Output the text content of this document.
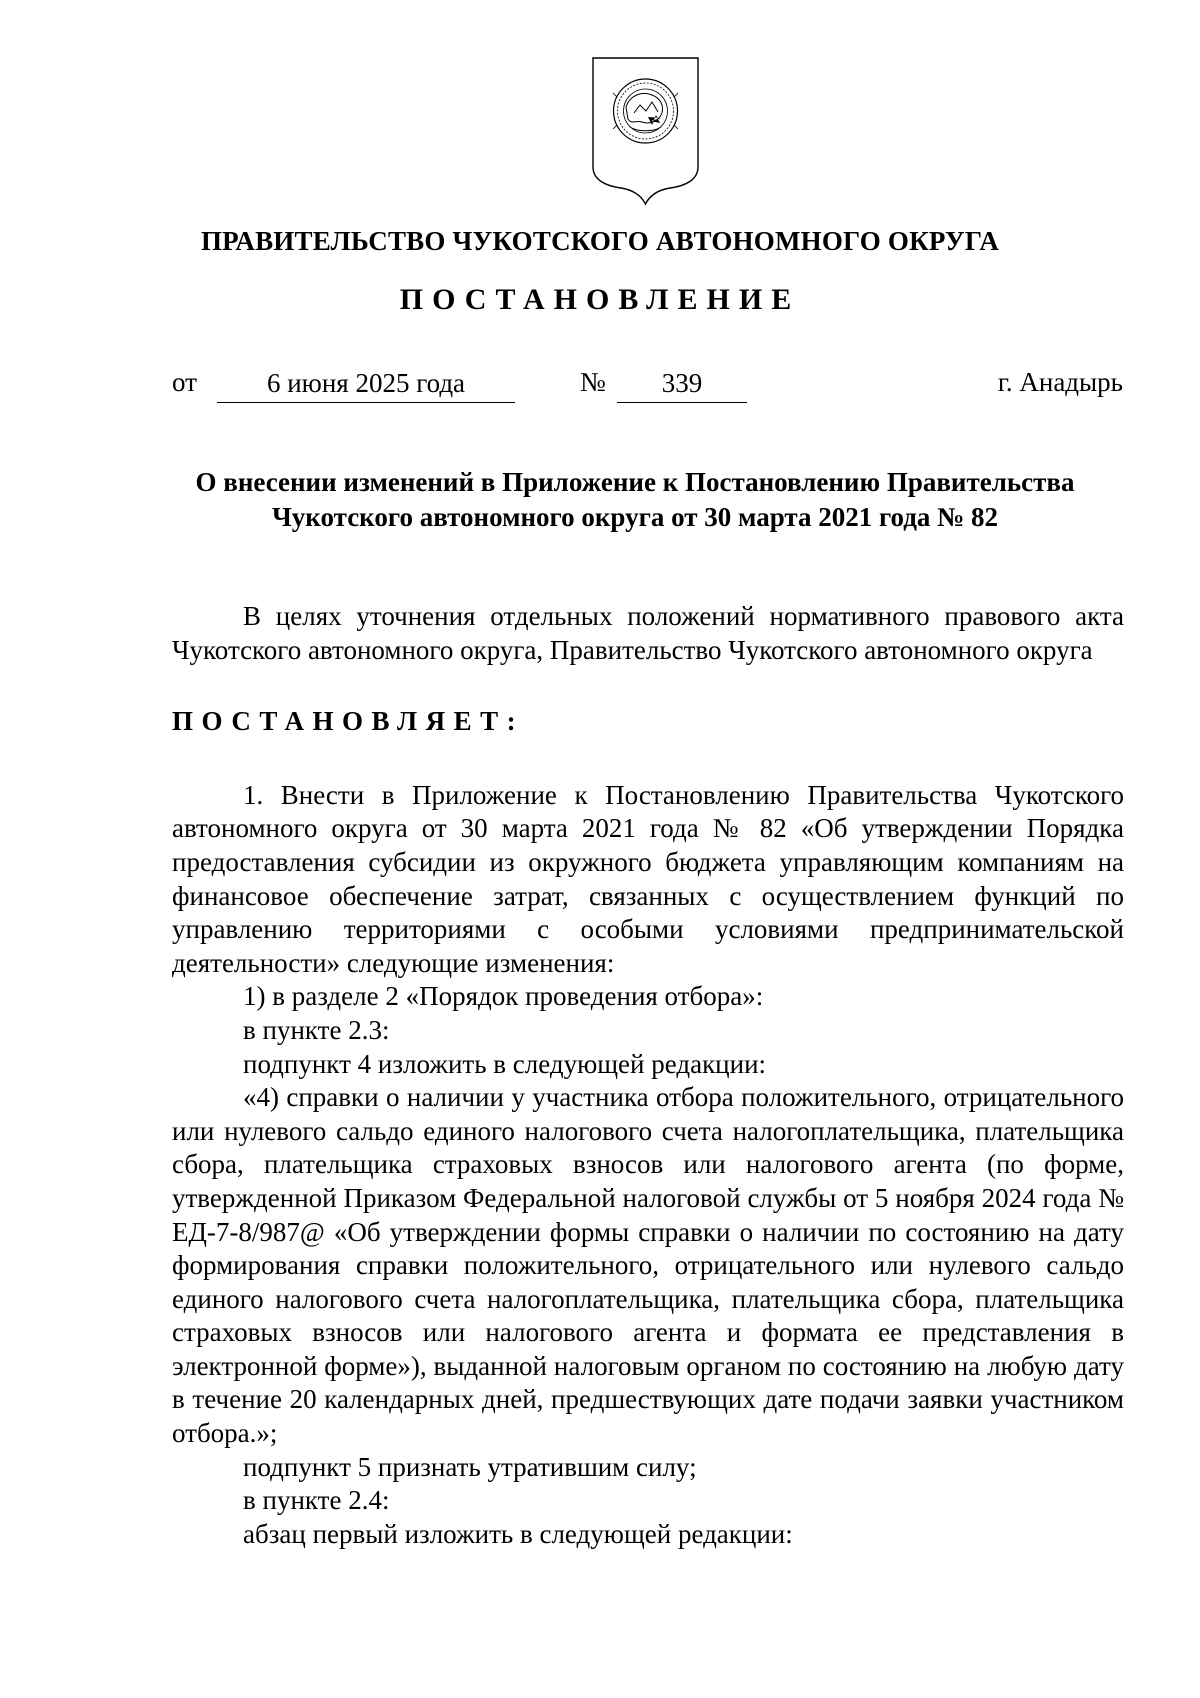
ПРАВИТЕЛЬСТВО ЧУКОТСКОГО АВТОНОМНОГО ОКРУГА
ПОСТАНОВЛЕНИЕ
от	6 июня 2025 года	№	339	г. Анадырь
О внесении изменений в Приложение к Постановлению Правительства
Чукотского автономного округа от 30 марта 2021 года № 82

В целях уточнения отдельных положений нормативного правового акта Чукотского автономного округа, Правительство Чукотского автономного округа

ПОСТАНОВЛЯЕТ:

1. Внести в Приложение к Постановлению Правительства Чукотского автономного округа от 30 марта 2021 года № 82 «Об утверждении Порядка предоставления субсидии из окружного бюджета управляющим компаниям на финансовое обеспечение затрат, связанных с осуществлением функций по управлению территориями с особыми условиями предпринимательской деятельности» следующие изменения:

1) в разделе 2 «Порядок проведения отбора»:

в пункте 2.3:

подпункт 4 изложить в следующей редакции:

«4) справки о наличии у участника отбора положительного, отрицательного или нулевого сальдо единого налогового счета налогоплательщика, плательщика сбора, плательщика страховых взносов или налогового агента (по форме, утвержденной Приказом Федеральной налоговой службы от 5 ноября 2024 года № ЕД-7-8/987@ «Об утверждении формы справки о наличии по состоянию на дату формирования справки положительного, отрицательного или нулевого сальдо единого налогового счета налогоплательщика, плательщика сбора, плательщика страховых взносов или налогового агента и формата ее представления в электронной форме»), выданной налоговым органом по состоянию на любую дату в течение 20 календарных дней, предшествующих дате подачи заявки участником отбора.»;

подпункт 5 признать утратившим силу;

в пункте 2.4:

абзац первый изложить в следующей редакции:
